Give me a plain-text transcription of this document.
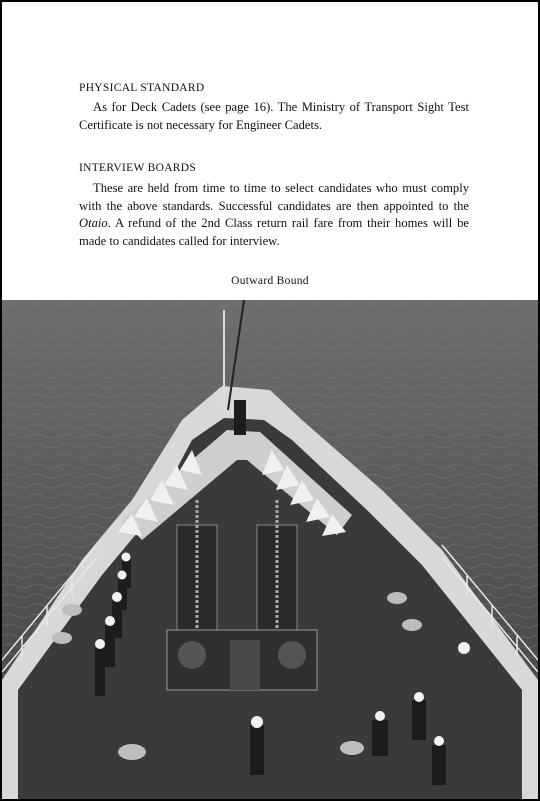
PHYSICAL STANDARD

As for Deck Cadets (see page 16). The Ministry of Transport Sight Test Certificate is not necessary for Engineer Cadets.

INTERVIEW BOARDS

These are held from time to time to select candidates who must comply with the above standards. Successful candidates are then appointed to the Otaio. A refund of the 2nd Class return rail fare from their homes will be made to candidates called for interview.

Outward Bound
